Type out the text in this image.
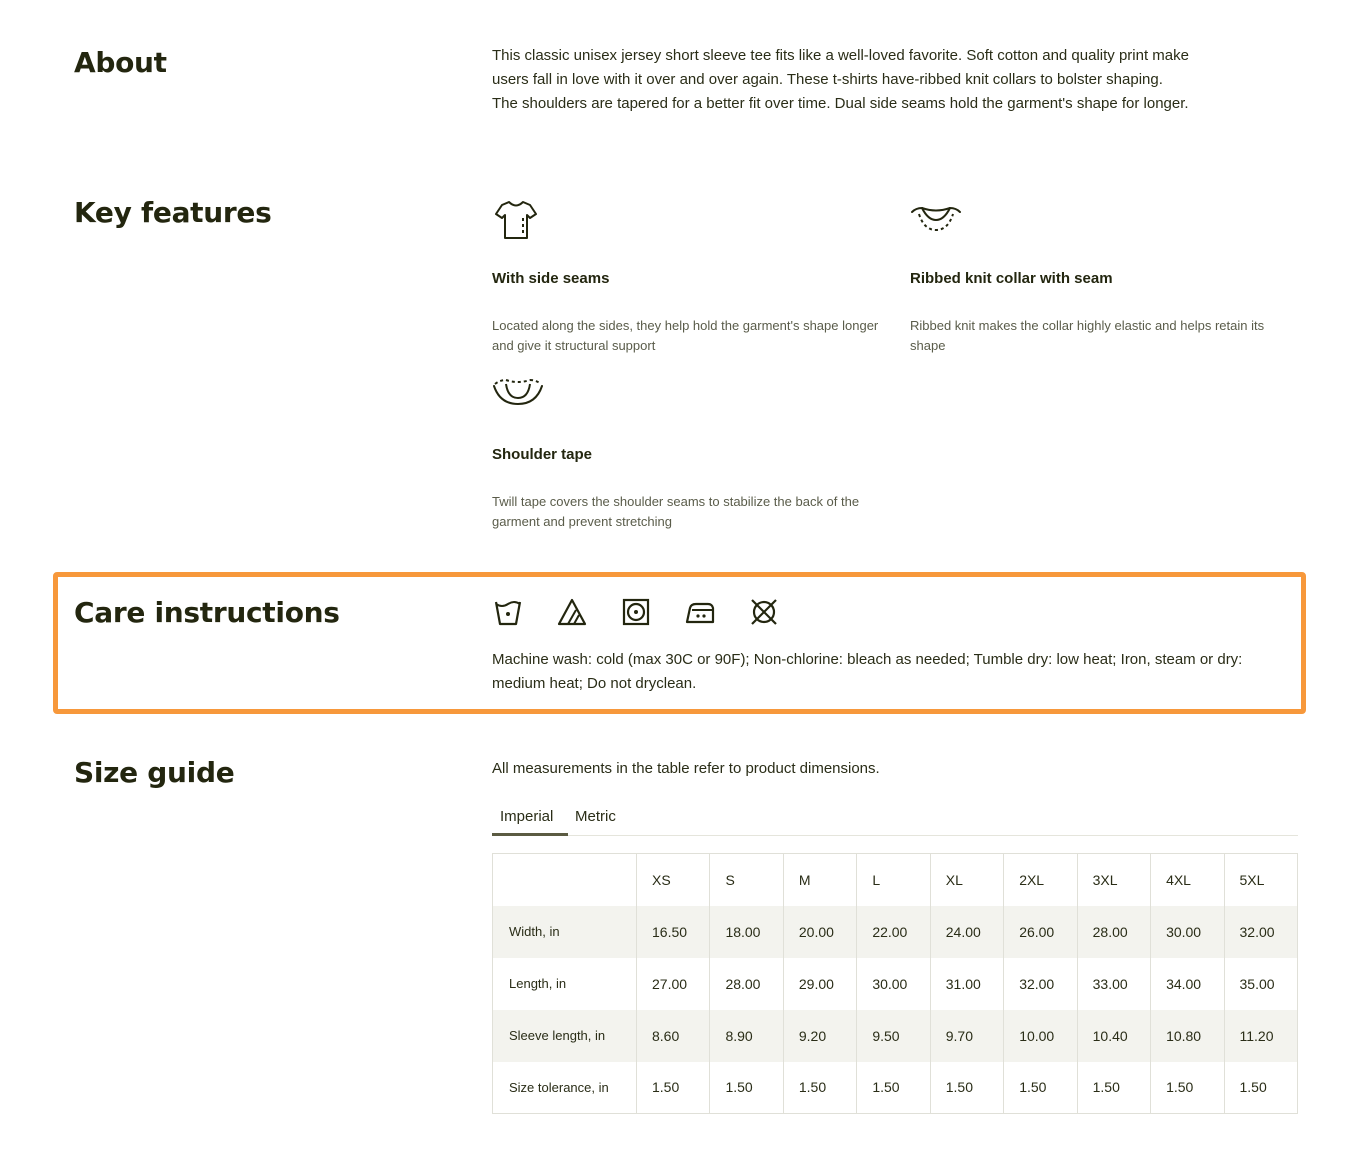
About	This classic unisex jersey short sleeve tee fits like a well-loved favorite. Soft cotton and quality print make
users fall in love with it over and over again. These t-shirts have-ribbed knit collars to bolster shaping.
The shoulders are tapered for a better fit over time. Dual side seams hold the garment's shape for longer.

Key features
With side seams
Located along the sides, they help hold the garment's shape longer and give it structural support
Ribbed knit collar with seam
Ribbed knit makes the collar highly elastic and helps retain its shape
Shoulder tape
Twill tape covers the shoulder seams to stabilize the back of the garment and prevent stretching
Care instructions

Machine wash: cold (max 30C or 90F); Non-chlorine: bleach as needed; Tumble dry: low heat; Iron, steam or dry: medium heat; Do not dryclean.

Size guide	All measurements in the table refer to product dimensions.

Imperial	Metric
	XS	S	M	L	XL	2XL	3XL	4XL	5XL
Width, in	16.50	18.00	20.00	22.00	24.00	26.00	28.00	30.00	32.00
Length, in	27.00	28.00	29.00	30.00	31.00	32.00	33.00	34.00	35.00
Sleeve length, in	8.60	8.90	9.20	9.50	9.70	10.00	10.40	10.80	11.20
Size tolerance, in	1.50	1.50	1.50	1.50	1.50	1.50	1.50	1.50	1.50
